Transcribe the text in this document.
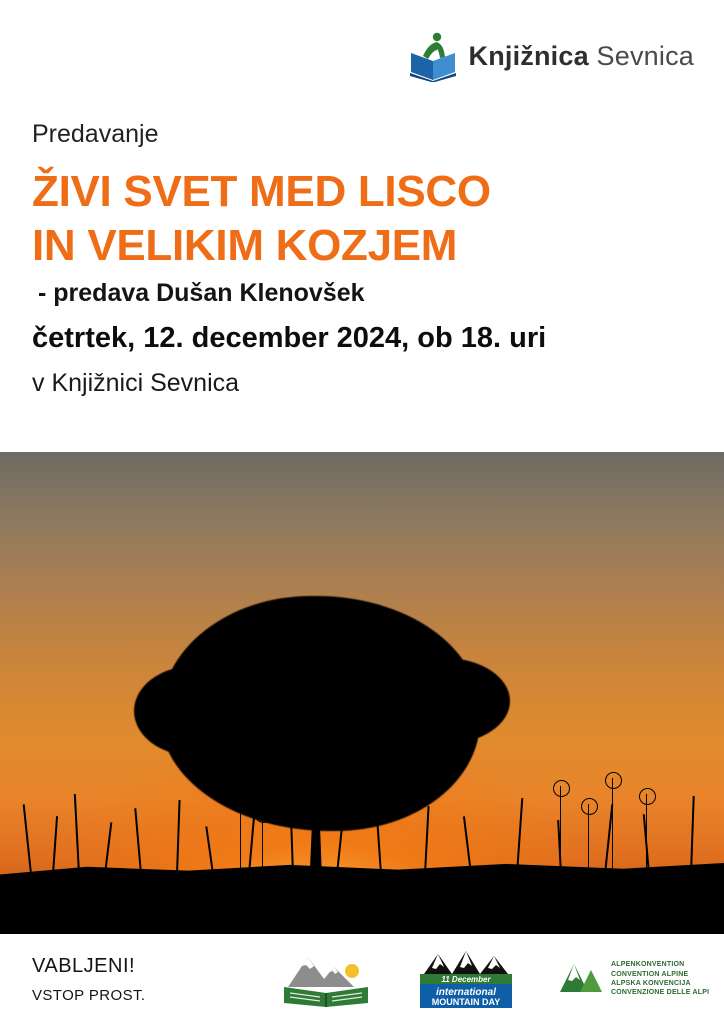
Knjižnica Sevnica
Predavanje
ŽIVI SVET MED LISCO
IN VELIKIM KOZJEM
- predava Dušan Klenovšek
četrtek, 12. december 2024, ob 18. uri
v Knjižnici Sevnica
VABLJENI!
VSTOP PROST.
11 December
international
MOUNTAIN DAY
ALPENKONVENTION
CONVENTION ALPINE
ALPSKA KONVENCIJA
CONVENZIONE DELLE ALPI
